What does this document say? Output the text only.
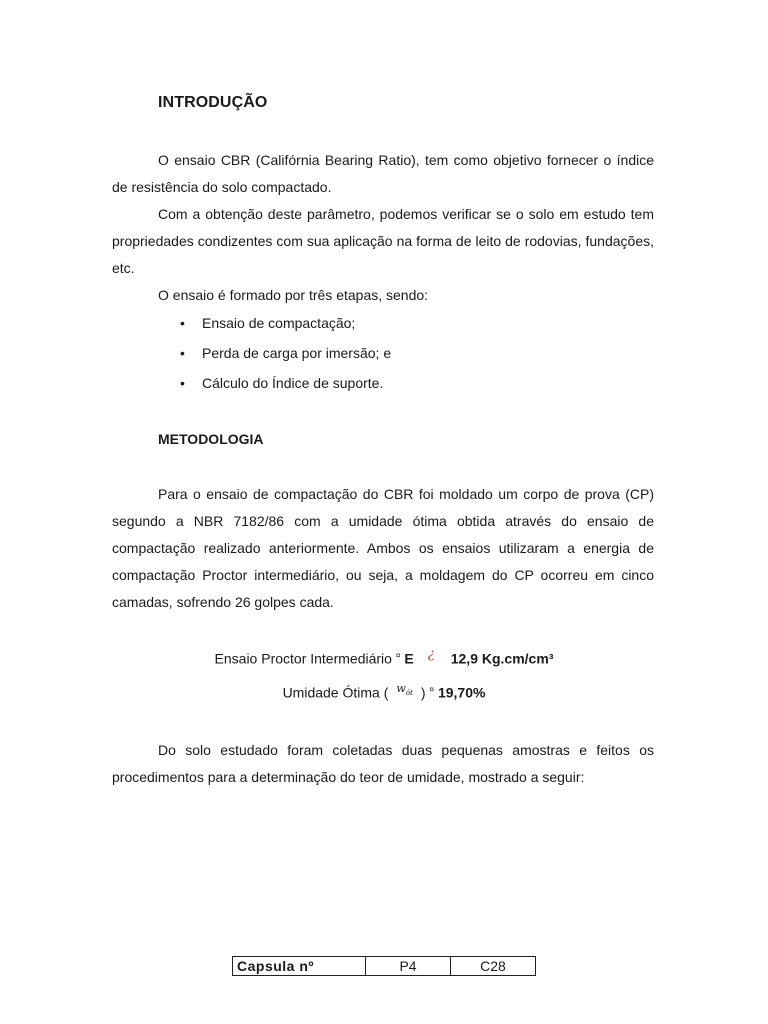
INTRODUÇÃO

O ensaio CBR (Califórnia Bearing Ratio), tem como objetivo fornecer o índice de resistência do solo compactado.

Com a obtenção deste parâmetro, podemos verificar se o solo em estudo tem propriedades condizentes com sua aplicação na forma de leito de rodovias, fundações, etc.

O ensaio é formado por três etapas, sendo:

• Ensaio de compactação;
• Perda de carga por imersão; e
• Cálculo do Índice de suporte.
METODOLOGIA

Para o ensaio de compactação do CBR foi moldado um corpo de prova (CP) segundo a NBR 7182/86 com a umidade ótima obtida através do ensaio de compactação realizado anteriormente. Ambos os ensaios utilizaram a energia de compactação Proctor intermediário, ou seja, a moldagem do CP ocorreu em cinco camadas, sofrendo 26 golpes cada.

Ensaio Proctor Intermediário ¤ E ¿ 12,9 Kg.cm/cm³
Umidade Ótima ( $^{w_{ót}}$ ) ¤ 19,70%

Do solo estudado foram coletadas duas pequenas amostras e feitos os procedimentos para a determinação do teor de umidade, mostrado a seguir:

Capsula nº	P4	C28
